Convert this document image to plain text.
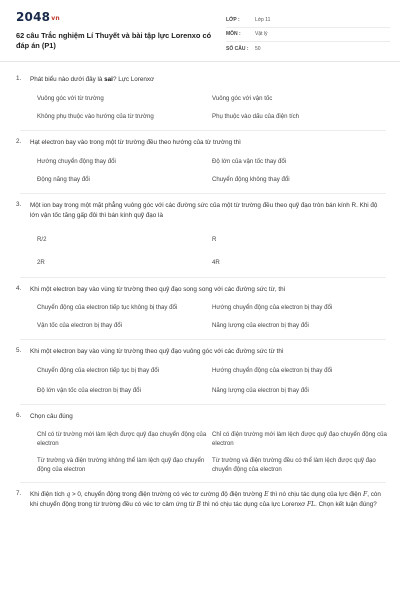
2048vn
62 câu Trắc nghiệm Lí Thuyết và bài tập lực Lorenxo có đáp án (P1)
LỚP :	Lớp 11
MÔN :	Vật lý
SỐ CÂU :	50
1.	Phát biểu nào dưới đây là sai? Lực Lorenxơ
Vuông góc với từ trường	Vuông góc với vận tốc
Không phụ thuộc vào hướng của từ trường	Phụ thuộc vào dấu của điện tích
2.	Hạt electron bay vào trong một từ trường đều theo hướng của từ trường thì
Hướng chuyển động thay đổi	Độ lớn của vận tốc thay đổi
Động năng thay đổi	Chuyển động không thay đổi
3.	Một ion bay trong một mặt phẳng vuông góc với các đường sức của một từ trường đều theo quỹ đạo tròn bán kính R. Khi độ lớn vận tốc tăng gấp đôi thì bán kính quỹ đạo là
R/2	R
2R	4R
4.	Khi một electron bay vào vùng từ trường theo quỹ đạo song song với các đường sức từ, thì
Chuyển động của electron tiếp tục không bị thay đổi	Hướng chuyển động của electron bị thay đổi
Vận tốc của electron bị thay đổi	Năng lượng của electron bị thay đổi
5.	Khi một electron bay vào vùng từ trường theo quỹ đạo vuông góc với các đường sức từ thì
Chuyển động của electron tiếp tục bị thay đổi	Hướng chuyển động của electron bị thay đổi
Độ lớn vận tốc của electron bị thay đổi	Năng lượng của electron bị thay đổi
6.	Chọn câu đúng
Chỉ có từ trường mới làm lệch được quỹ đạo chuyển động của electron
Chỉ có điện trường mới làm lệch được quỹ đạo chuyển động của electron
Từ trường và điện trường không thể làm lệch quỹ đạo chuyển động của electron
Từ trường và điện trường đều có thể làm lệch được quỹ đạo chuyển động của electron
7.	Khi điện tích q > 0, chuyển động trong điện trường có véc tơ cường độ điện trường E thì nó chịu tác dụng của lực điện F, còn khi chuyển động trong từ trường đều có véc tơ cảm ứng từ B thì nó chịu tác dụng của lực Lorenxơ FL. Chọn kết luận đúng?
